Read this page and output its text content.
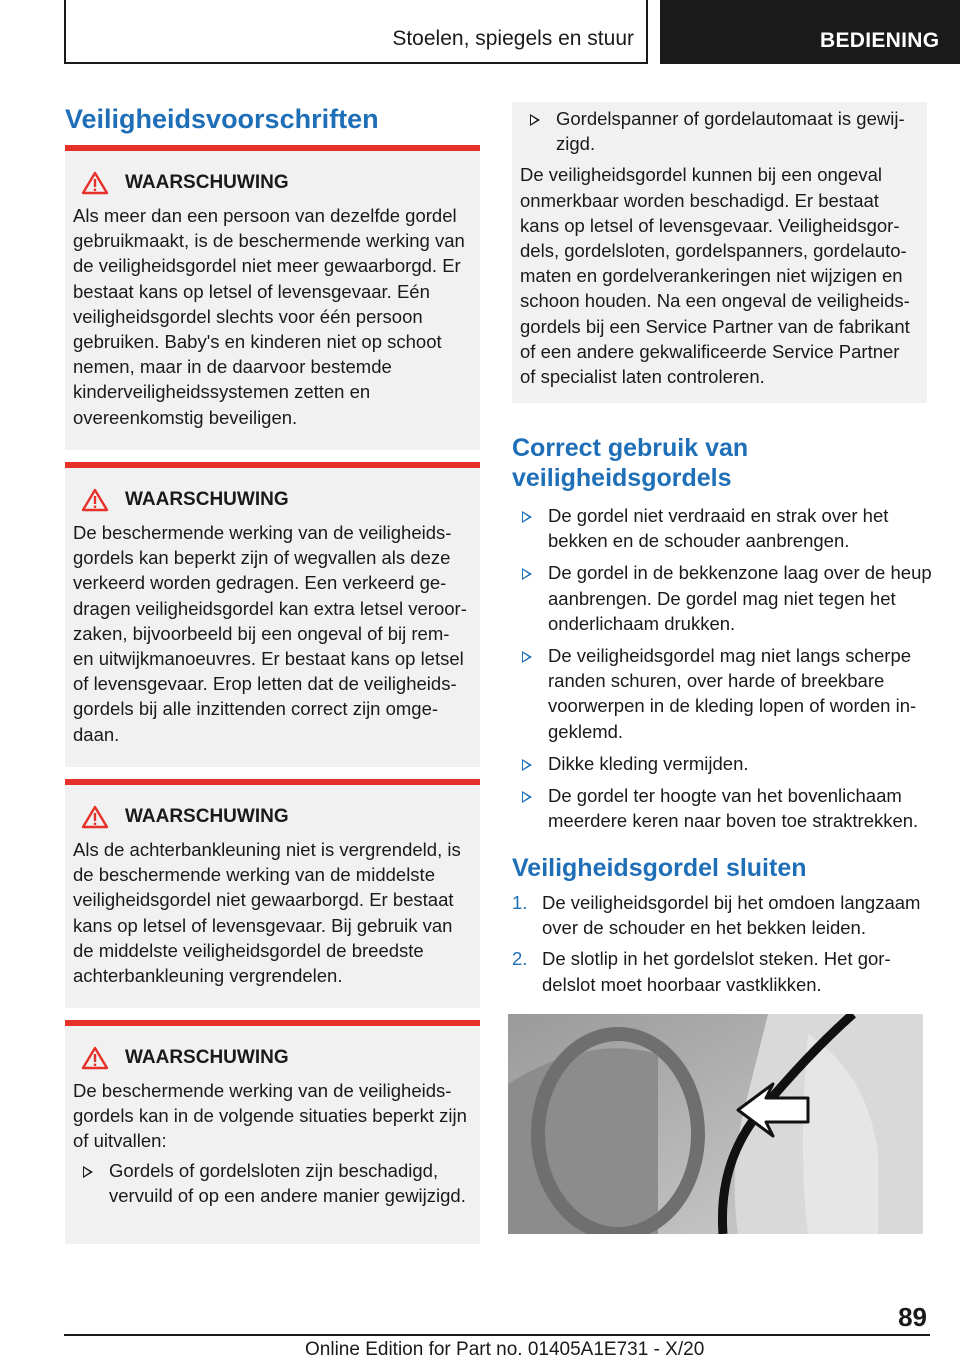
Stoelen, spiegels en stuur	BEDIENING
Veiligheidsvoorschriften
WAARSCHUWING

Als meer dan een persoon van dezelfde gordel gebruikmaakt, is de beschermende werking van de veiligheidsgordel niet meer gewaarborgd. Er bestaat kans op letsel of levensgevaar. Eén veiligheidsgordel slechts voor één persoon gebruiken. Baby's en kinderen niet op schoot nemen, maar in de daarvoor bestemde kinderveiligheidssystemen zetten en overeenkomstig beveiligen.

WAARSCHUWING

De beschermende werking van de veiligheidsgordels kan beperkt zijn of wegvallen als deze verkeerd worden gedragen. Een verkeerd gedragen veiligheidsgordel kan extra letsel veroorzaken, bijvoorbeeld bij een ongeval of bij rem- en uitwijkmanoeuvres. Er bestaat kans op letsel of levensgevaar. Erop letten dat de veiligheidsgordels bij alle inzittenden correct zijn omgedaan.

WAARSCHUWING

Als de achterbankleuning niet is vergrendeld, is de beschermende werking van de middelste veiligheidsgordel niet gewaarborgd. Er bestaat kans op letsel of levensgevaar. Bij gebruik van de middelste veiligheidsgordel de breedste achterbankleuning vergrendelen.

WAARSCHUWING

De beschermende werking van de veiligheidsgordels kan in de volgende situaties beperkt zijn of uitvallen:

Gordels of gordelsloten zijn beschadigd, vervuild of op een andere manier gewijzigd.
Gordelspanner of gordelautomaat is gewijzigd.

De veiligheidsgordel kunnen bij een ongeval onmerkbaar worden beschadigd. Er bestaat kans op letsel of levensgevaar. Veiligheidsgordels, gordelsloten, gordelspanners, gordelautomaten en gordelverankeringen niet wijzigen en schoon houden. Na een ongeval de veiligheidsgordels bij een Service Partner van de fabrikant of een andere gekwalificeerde Service Partner of specialist laten controleren.

Correct gebruik van
veiligheidsgordels
De gordel niet verdraaid en strak over het bekken en de schouder aanbrengen.
De gordel in de bekkenzone laag over de heup aanbrengen. De gordel mag niet tegen het onderlichaam drukken.
De veiligheidsgordel mag niet langs scherpe randen schuren, over harde of breekbare voorwerpen in de kleding lopen of worden ingeklemd.
Dikke kleding vermijden.
De gordel ter hoogte van het bovenlichaam meerdere keren naar boven toe straktrekken.
Veiligheidsgordel sluiten
1. De veiligheidsgordel bij het omdoen langzaam over de schouder en het bekken leiden.
2. De slotlip in het gordelslot steken. Het gordelslot moet hoorbaar vastklikken.
89
Online Edition for Part no. 01405A1E731 - X/20
